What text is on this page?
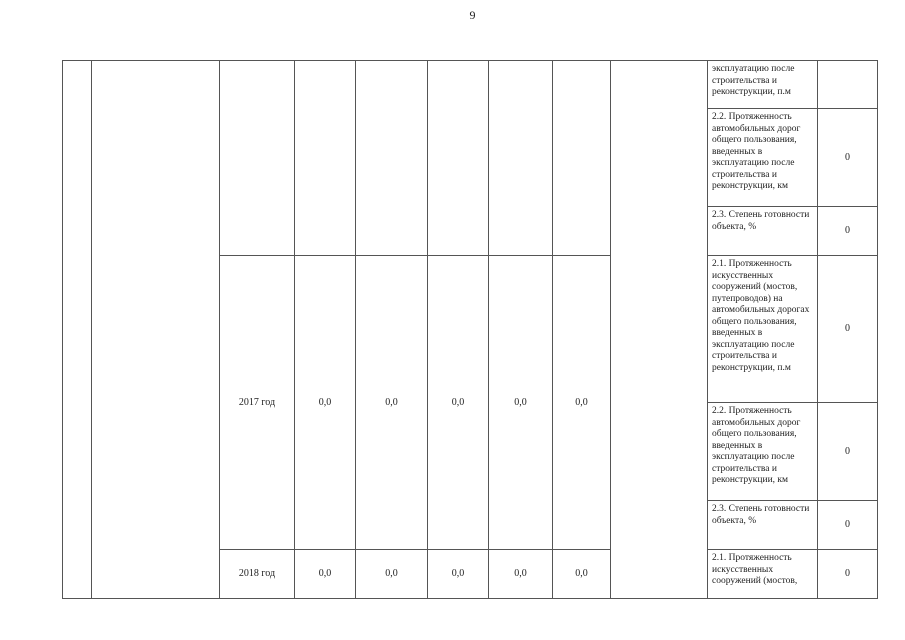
9
									эксплуатацию после строительства и реконструкции, п.м	
									2.2. Протяженность автомобильных дорог общего пользования, введенных в эксплуатацию после строительства и реконструкции, км	0
									2.3. Степень готовности объекта, %	0
		2017 год	0,0	0,0	0,0	0,0	0,0		2.1. Протяженность искусственных сооружений (мостов, путепроводов) на автомобильных дорогах общего пользования, введенных в эксплуатацию после строительства и реконструкции, п.м	0
									2.2. Протяженность автомобильных дорог общего пользования, введенных в эксплуатацию после строительства и реконструкции, км	0
									2.3. Степень готовности объекта, %	0
		2018 год	0,0	0,0	0,0	0,0	0,0		2.1. Протяженность искусственных сооружений (мостов,	0
